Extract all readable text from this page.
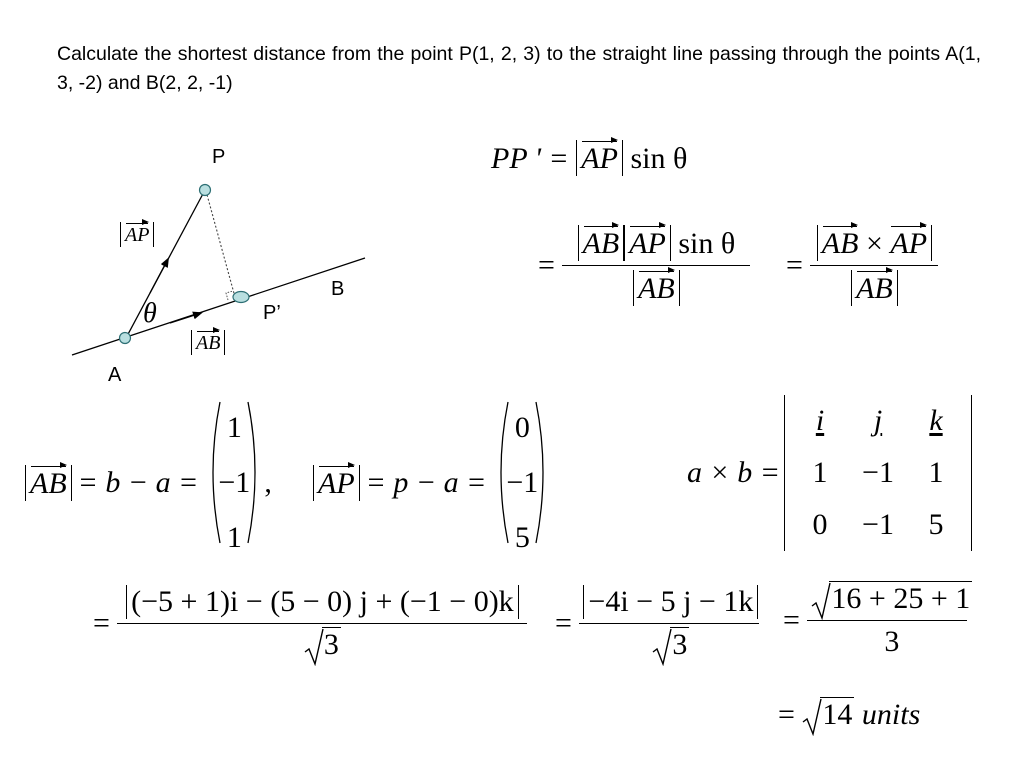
Calculate the shortest distance from the point P(1, 2, 3) to the straight line passing through the points A(1, 3, -2) and B(2, 2, -1)
P
B
P’
A
θ
AP
AB
PP ' = AP sin θ
= $\frac{\text{AB AP sin θ}}{AB} = \frac{AB \times AP}{AB}$
AB = b − a =
1
−1
1
, AP = p − a =
0
−1
5
a × b =
i	j	k
1	−1	1
0	−1	5
= $\frac{(-5 + 1)i - (5 - 0) j + (-1 - 0)k}{3} = \frac{-4i - 5 j - 1k}{3} = \frac{16 + 25 + 1}{3}$
= 14 units
